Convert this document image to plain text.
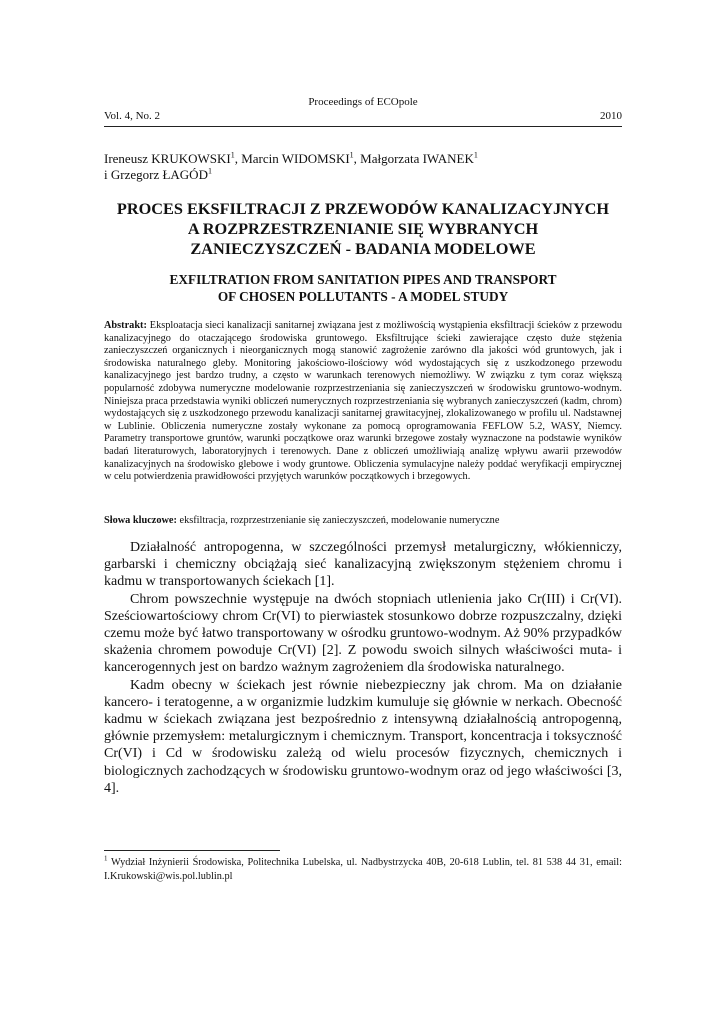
Proceedings of ECOpole
Vol. 4, No. 2	2010
Ireneusz KRUKOWSKI$^1$, Marcin WIDOMSKI$^1$, Małgorzata IWANEK$^1$
i Grzegorz ŁAGÓD$^1$
PROCES EKSFILTRACJI Z PRZEWODÓW KANALIZACYJNYCH
A ROZPRZESTRZENIANIE SIĘ WYBRANYCH
ZANIECZYSZCZEŃ - BADANIA MODELOWE
EXFILTRATION FROM SANITATION PIPES AND TRANSPORT
OF CHOSEN POLLUTANTS - A MODEL STUDY
Abstrakt: Eksploatacja sieci kanalizacji sanitarnej związana jest z możliwością wystąpienia eksfiltracji ścieków z przewodu kanalizacyjnego do otaczającego środowiska gruntowego. Eksfiltrujące ścieki zawierające często duże stężenia zanieczyszczeń organicznych i nieorganicznych mogą stanowić zagrożenie zarówno dla jakości wód gruntowych, jak i środowiska naturalnego gleby. Monitoring jakościowo-ilościowy wód wydostających się z uszkodzonego przewodu kanalizacyjnego jest bardzo trudny, a często w warunkach terenowych niemożliwy. W związku z tym coraz większą popularność zdobywa numeryczne modelowanie rozprzestrzeniania się zanieczyszczeń w środowisku gruntowo-wodnym. Niniejsza praca przedstawia wyniki obliczeń numerycznych rozprzestrzeniania się wybranych zanieczyszczeń (kadm, chrom) wydostających się z uszkodzonego przewodu kanalizacji sanitarnej grawitacyjnej, zlokalizowanego w profilu ul. Nadstawnej w Lublinie. Obliczenia numeryczne zostały wykonane za pomocą oprogramowania FEFLOW 5.2, WASY, Niemcy. Parametry transportowe gruntów, warunki początkowe oraz warunki brzegowe zostały wyznaczone na podstawie wyników badań literaturowych, laboratoryjnych i terenowych. Dane z obliczeń umożliwiają analizę wpływu awarii przewodów kanalizacyjnych na środowisko glebowe i wody gruntowe. Obliczenia symulacyjne należy poddać weryfikacji empirycznej w celu potwierdzenia prawidłowości przyjętych warunków początkowych i brzegowych.
Słowa kluczowe: eksfiltracja, rozprzestrzenianie się zanieczyszczeń, modelowanie numeryczne

Działalność antropogenna, w szczególności przemysł metalurgiczny, włókienniczy, garbarski i chemiczny obciążają sieć kanalizacyjną zwiększonym stężeniem chromu i kadmu w transportowanych ściekach [1].

Chrom powszechnie występuje na dwóch stopniach utlenienia jako Cr(III) i Cr(VI). Sześciowartościowy chrom Cr(VI) to pierwiastek stosunkowo dobrze rozpuszczalny, dzięki czemu może być łatwo transportowany w ośrodku gruntowo-wodnym. Aż 90% przypadków skażenia chromem powoduje Cr(VI) [2]. Z powodu swoich silnych właściwości muta- i kancerogennych jest on bardzo ważnym zagrożeniem dla środowiska naturalnego.

Kadm obecny w ściekach jest równie niebezpieczny jak chrom. Ma on działanie kancero- i teratogenne, a w organizmie ludzkim kumuluje się głównie w nerkach. Obecność kadmu w ściekach związana jest bezpośrednio z intensywną działalnością antropogenną, głównie przemysłem: metalurgicznym i chemicznym. Transport, koncentracja i toksyczność Cr(VI) i Cd w środowisku zależą od wielu procesów fizycznych, chemicznych i biologicznych zachodzących w środowisku gruntowo-wodnym oraz od jego właściwości [3, 4].

$^1$ Wydział Inżynierii Środowiska, Politechnika Lubelska, ul. Nadbystrzycka 40B, 20-618 Lublin, tel. 81 538 44 31, email: I.Krukowski@wis.pol.lublin.pl
